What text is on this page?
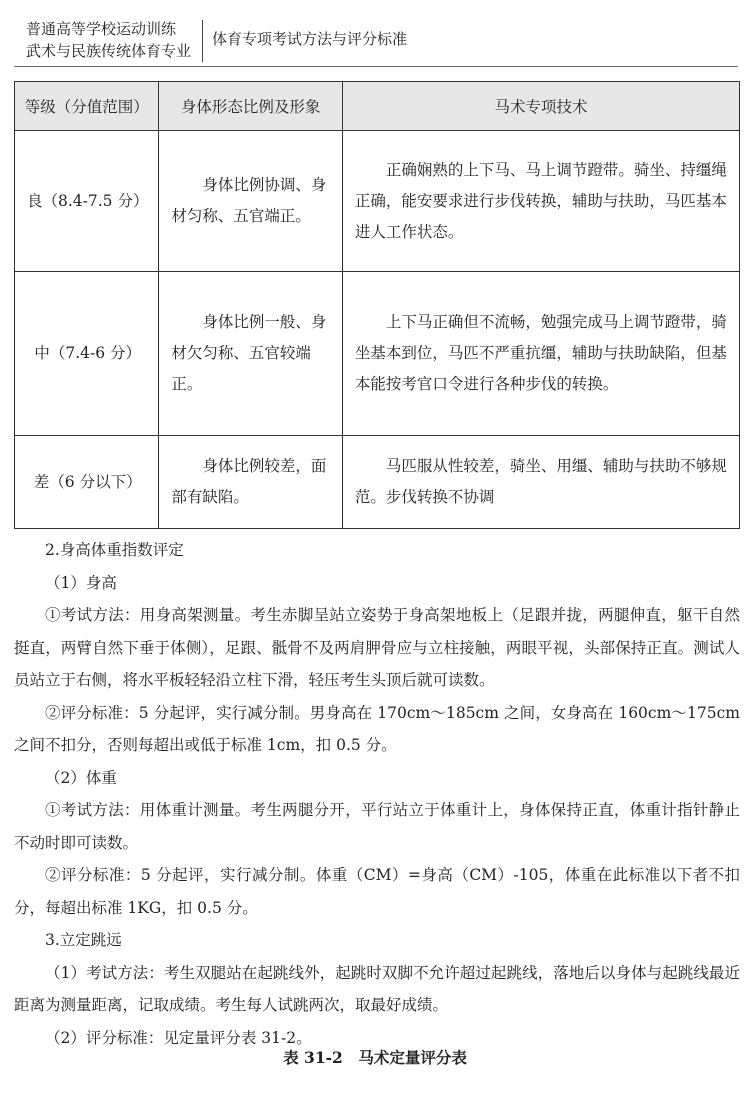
普通高等学校运动训练
武术与民族传统体育专业
体育专项考试方法与评分标准
等级（分值范围）	身体形态比例及形象	马术专项技术
良（8.4-7.5 分）	身体比例协调、身材匀称、五官端正。	正确娴熟的上下马、马上调节蹬带。骑坐、持缰绳正确，能安要求进行步伐转换，辅助与扶助，马匹基本进人工作状态。
中（7.4-6 分）	身体比例一般、身材欠匀称、五官较端正。	上下马正确但不流畅，勉强完成马上调节蹬带，骑坐基本到位，马匹不严重抗缰，辅助与扶助缺陷，但基本能按考官口令进行各种步伐的转换。
差（6 分以下）	身体比例较差，面部有缺陷。	马匹服从性较差，骑坐、用缰、辅助与扶助不够规范。步伐转换不协调

2.身高体重指数评定

（1）身高

①考试方法：用身高架测量。考生赤脚呈站立姿势于身高架地板上（足跟并拢，两腿伸直，躯干自然挺直，两臂自然下垂于体侧），足跟、骶骨不及两肩胛骨应与立柱接触，两眼平视，头部保持正直。测试人员站立于右侧，将水平板轻轻沿立柱下滑，轻压考生头顶后就可读数。

②评分标准：5 分起评，实行减分制。男身高在 170cm～185cm 之间，女身高在 160cm～175cm 之间不扣分，否则每超出或低于标准 1cm，扣 0.5 分。

（2）体重

①考试方法：用体重计测量。考生两腿分开，平行站立于体重计上，身体保持正直，体重计指针静止不动时即可读数。

②评分标准：5 分起评，实行减分制。体重（CM）=身高（CM）-105，体重在此标准以下者不扣分，每超出标准 1KG，扣 0.5 分。

3.立定跳远

（1）考试方法：考生双腿站在起跳线外，起跳时双脚不允许超过起跳线，落地后以身体与起跳线最近距离为测量距离，记取成绩。考生每人试跳两次，取最好成绩。

（2）评分标准：见定量评分表 31-2。

表 31-2　马术定量评分表
